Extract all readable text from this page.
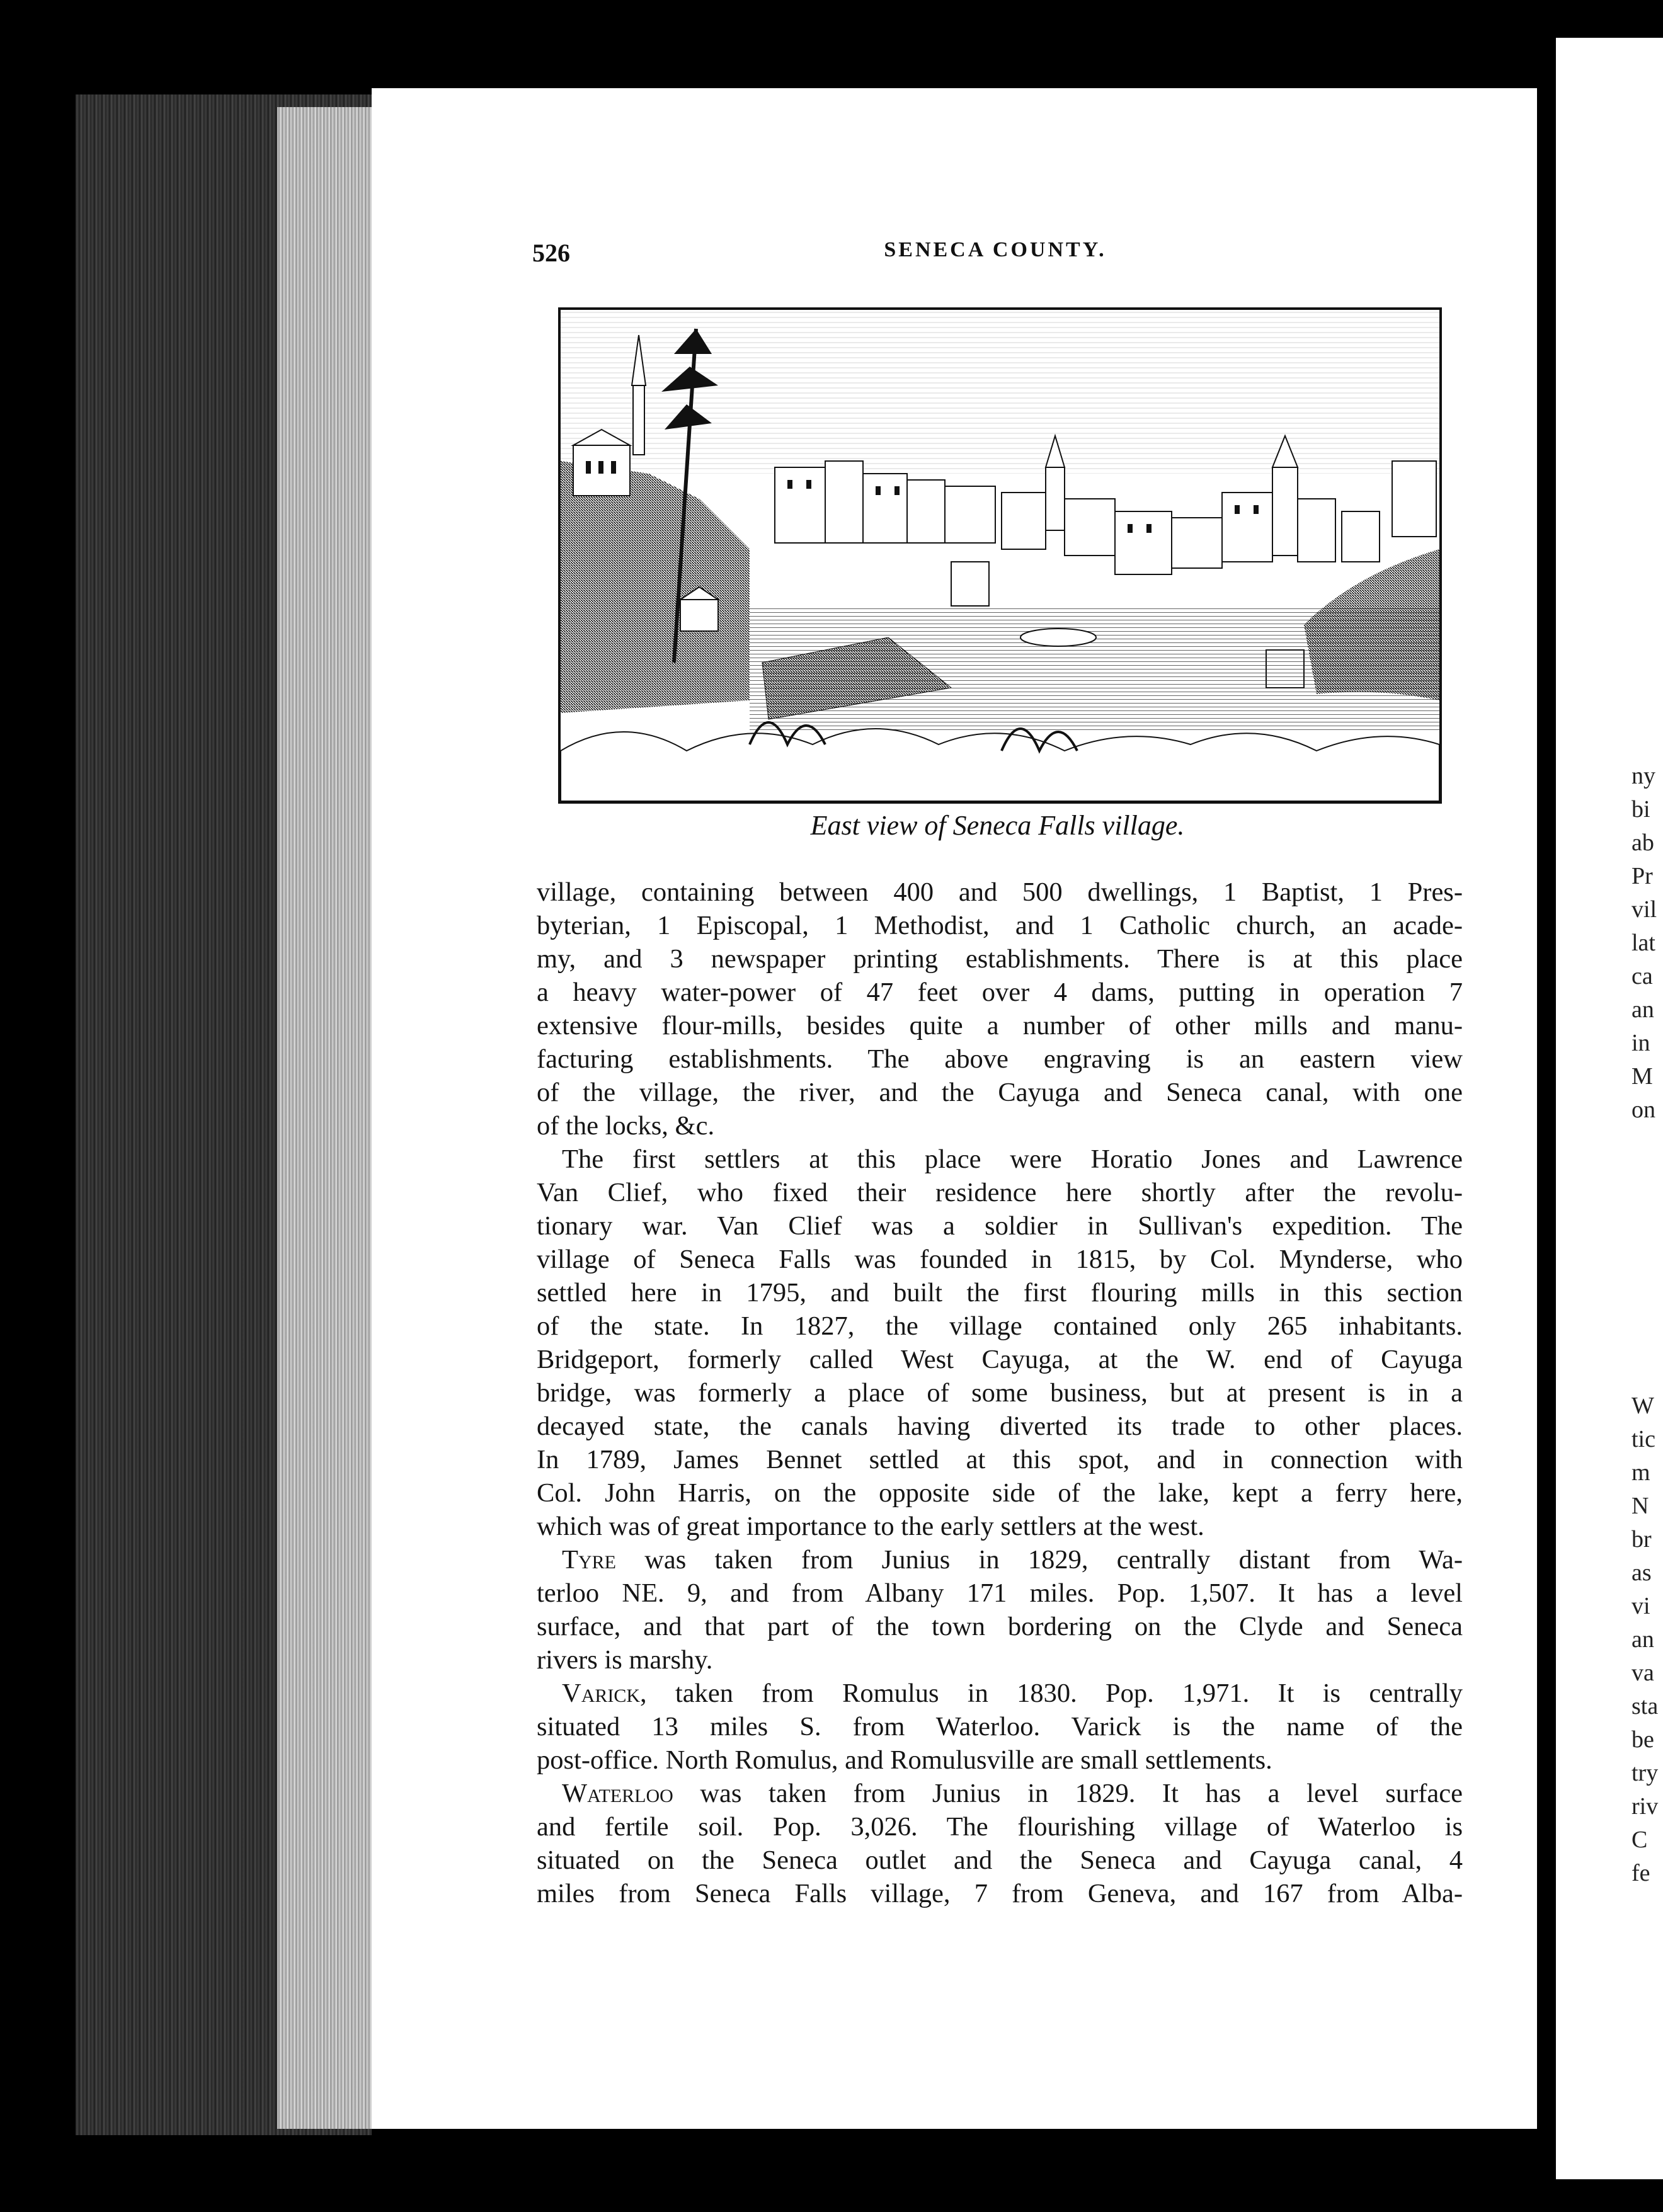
ny
bi
ab
Pr
vil
lat
ca
an
in
M
on
W
tic
m
N
br
as
vi
an
va
sta
be
try
riv
C
fe
526	SENECA COUNTY.
East view of Seneca Falls village.
village, containing between 400 and 500 dwellings, 1 Baptist, 1 Pres-
byterian, 1 Episcopal, 1 Methodist, and 1 Catholic church, an acade-
my, and 3 newspaper printing establishments. There is at this place
a heavy water-power of 47 feet over 4 dams, putting in operation 7
extensive flour-mills, besides quite a number of other mills and manu-
facturing establishments. The above engraving is an eastern view
of the village, the river, and the Cayuga and Seneca canal, with one
of the locks, &c.
The first settlers at this place were Horatio Jones and Lawrence
Van Clief, who fixed their residence here shortly after the revolu-
tionary war. Van Clief was a soldier in Sullivan's expedition. The
village of Seneca Falls was founded in 1815, by Col. Mynderse, who
settled here in 1795, and built the first flouring mills in this section
of the state. In 1827, the village contained only 265 inhabitants.
Bridgeport, formerly called West Cayuga, at the W. end of Cayuga
bridge, was formerly a place of some business, but at present is in a
decayed state, the canals having diverted its trade to other places.
In 1789, James Bennet settled at this spot, and in connection with
Col. John Harris, on the opposite side of the lake, kept a ferry here,
which was of great importance to the early settlers at the west.
Tyre was taken from Junius in 1829, centrally distant from Wa-
terloo NE. 9, and from Albany 171 miles. Pop. 1,507. It has a level
surface, and that part of the town bordering on the Clyde and Seneca
rivers is marshy.
Varick, taken from Romulus in 1830. Pop. 1,971. It is centrally
situated 13 miles S. from Waterloo. Varick is the name of the
post-office. North Romulus, and Romulusville are small settlements.
Waterloo was taken from Junius in 1829. It has a level surface
and fertile soil. Pop. 3,026. The flourishing village of Waterloo is
situated on the Seneca outlet and the Seneca and Cayuga canal, 4
miles from Seneca Falls village, 7 from Geneva, and 167 from Alba-
